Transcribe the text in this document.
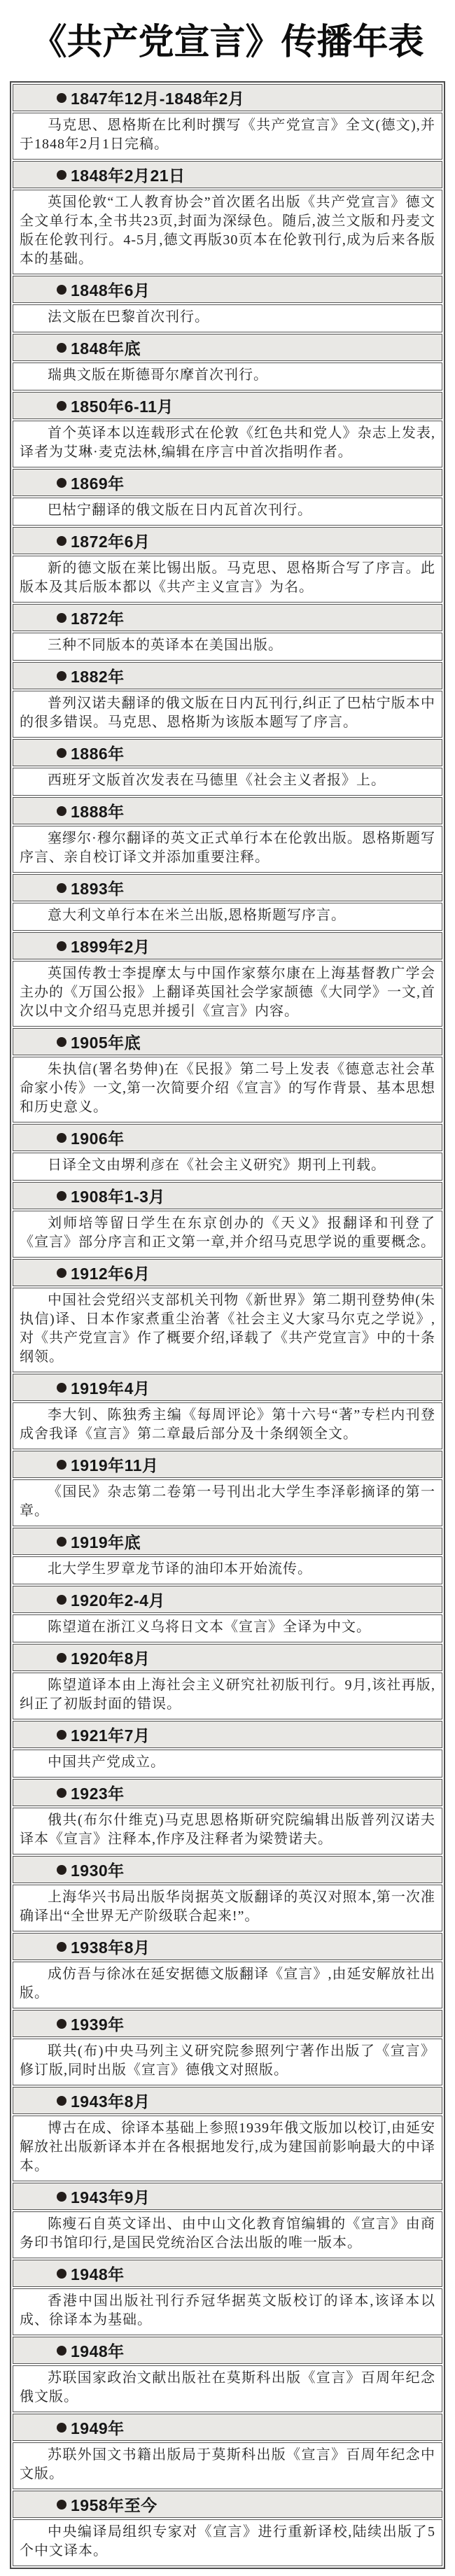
《共产党宣言》传播年表
1847年12月-1848年2月

马克思、恩格斯在比利时撰写《共产党宣言》全文(德文),并于1848年2月1日完稿。

1848年2月21日

英国伦敦“工人教育协会”首次匿名出版《共产党宣言》德文全文单行本,全书共23页,封面为深绿色。随后,波兰文版和丹麦文版在伦敦刊行。4-5月,德文再版30页本在伦敦刊行,成为后来各版本的基础。

1848年6月

法文版在巴黎首次刊行。

1848年底

瑞典文版在斯德哥尔摩首次刊行。

1850年6-11月

首个英译本以连载形式在伦敦《红色共和党人》杂志上发表,译者为艾琳·麦克法林,编辑在序言中首次指明作者。

1869年

巴枯宁翻译的俄文版在日内瓦首次刊行。

1872年6月

新的德文版在莱比锡出版。马克思、恩格斯合写了序言。此版本及其后版本都以《共产主义宣言》为名。

1872年

三种不同版本的英译本在美国出版。

1882年

普列汉诺夫翻译的俄文版在日内瓦刊行,纠正了巴枯宁版本中的很多错误。马克思、恩格斯为该版本题写了序言。

1886年

西班牙文版首次发表在马德里《社会主义者报》上。

1888年

塞缪尔·穆尔翻译的英文正式单行本在伦敦出版。恩格斯题写序言、亲自校订译文并添加重要注释。

1893年

意大利文单行本在米兰出版,恩格斯题写序言。

1899年2月

英国传教士李提摩太与中国作家蔡尔康在上海基督教广学会主办的《万国公报》上翻译英国社会学家颉德《大同学》一文,首次以中文介绍马克思并援引《宣言》内容。

1905年底

朱执信(署名势伸)在《民报》第二号上发表《德意志社会革命家小传》一文,第一次简要介绍《宣言》的写作背景、基本思想和历史意义。

1906年

日译全文由堺利彦在《社会主义研究》期刊上刊载。

1908年1-3月

刘师培等留日学生在东京创办的《天义》报翻译和刊登了《宣言》部分序言和正文第一章,并介绍马克思学说的重要概念。

1912年6月

中国社会党绍兴支部机关刊物《新世界》第二期刊登势伸(朱执信)译、日本作家煮重尘治著《社会主义大家马尔克之学说》,对《共产党宣言》作了概要介绍,译载了《共产党宣言》中的十条纲领。

1919年4月

李大钊、陈独秀主编《每周评论》第十六号“著”专栏内刊登成舍我译《宣言》第二章最后部分及十条纲领全文。

1919年11月

《国民》杂志第二卷第一号刊出北大学生李泽彰摘译的第一章。

1919年底

北大学生罗章龙节译的油印本开始流传。

1920年2-4月

陈望道在浙江义乌将日文本《宣言》全译为中文。

1920年8月

陈望道译本由上海社会主义研究社初版刊行。9月,该社再版,纠正了初版封面的错误。

1921年7月

中国共产党成立。

1923年

俄共(布尔什维克)马克思恩格斯研究院编辑出版普列汉诺夫译本《宣言》注释本,作序及注释者为梁赞诺夫。

1930年

上海华兴书局出版华岗据英文版翻译的英汉对照本,第一次准确译出“全世界无产阶级联合起来!”。

1938年8月

成仿吾与徐冰在延安据德文版翻译《宣言》,由延安解放社出版。

1939年

联共(布)中央马列主义研究院参照列宁著作出版了《宣言》修订版,同时出版《宣言》德俄文对照版。

1943年8月

博古在成、徐译本基础上参照1939年俄文版加以校订,由延安解放社出版新译本并在各根据地发行,成为建国前影响最大的中译本。

1943年9月

陈瘦石自英文译出、由中山文化教育馆编辑的《宣言》由商务印书馆印行,是国民党统治区合法出版的唯一版本。

1948年

香港中国出版社刊行乔冠华据英文版校订的译本,该译本以成、徐译本为基础。

1948年

苏联国家政治文献出版社在莫斯科出版《宣言》百周年纪念俄文版。

1949年

苏联外国文书籍出版局于莫斯科出版《宣言》百周年纪念中文版。

1958年至今

中央编译局组织专家对《宣言》进行重新译校,陆续出版了5个中文译本。
